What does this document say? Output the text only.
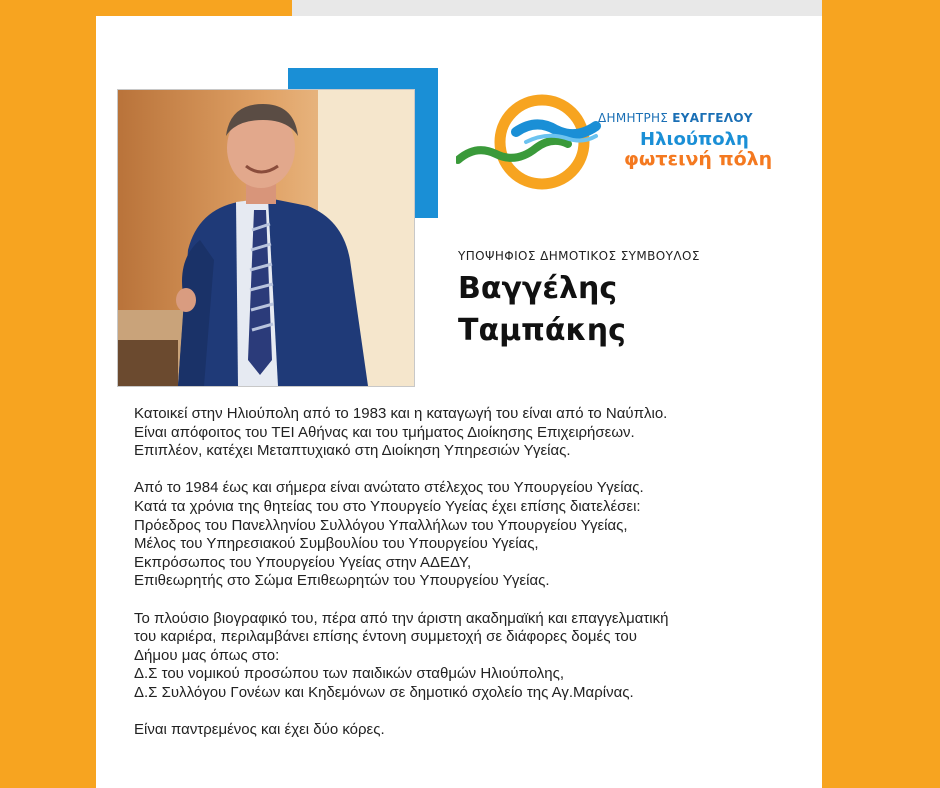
ΔΗΜΗΤΡΗΣ ΕΥΑΓΓΕΛΟΥ
Ηλιούπολη
φωτεινή πόλη
ΥΠΟΨΗΦΙΟΣ ΔΗΜΟΤΙΚΟΣ ΣΥΜΒΟΥΛΟΣ
Βαγγέλης
Ταμπάκης

Κατοικεί στην Ηλιούπολη από το 1983 και η καταγωγή του είναι από το Ναύπλιο.
Είναι απόφοιτος του ΤΕΙ Αθήνας και του τμήματος Διοίκησης Επιχειρήσεων.
Επιπλέον, κατέχει Μεταπτυχιακό στη Διοίκηση Υπηρεσιών Υγείας.

Από το 1984 έως και σήμερα είναι ανώτατο στέλεχος του Υπουργείου Υγείας.
Κατά τα χρόνια της θητείας του στο Υπουργείο Υγείας έχει επίσης διατελέσει:
Πρόεδρος του Πανελληνίου Συλλόγου Υπαλλήλων του Υπουργείου Υγείας,
Μέλος του Υπηρεσιακού Συμβουλίου του Υπουργείου Υγείας,
Εκπρόσωπος του Υπουργείου Υγείας στην ΑΔΕΔΥ,
Επιθεωρητής στο Σώμα Επιθεωρητών του Υπουργείου Υγείας.

Το πλούσιο βιογραφικό του, πέρα από την άριστη ακαδημαϊκή και επαγγελματική
του καριέρα, περιλαμβάνει επίσης έντονη συμμετοχή σε διάφορες δομές του
Δήμου μας όπως στο:
Δ.Σ του νομικού προσώπου των παιδικών σταθμών Ηλιούπολης,
Δ.Σ Συλλόγου Γονέων και Κηδεμόνων σε δημοτικό σχολείο της Αγ.Μαρίνας.

Είναι παντρεμένος και έχει δύο κόρες.
